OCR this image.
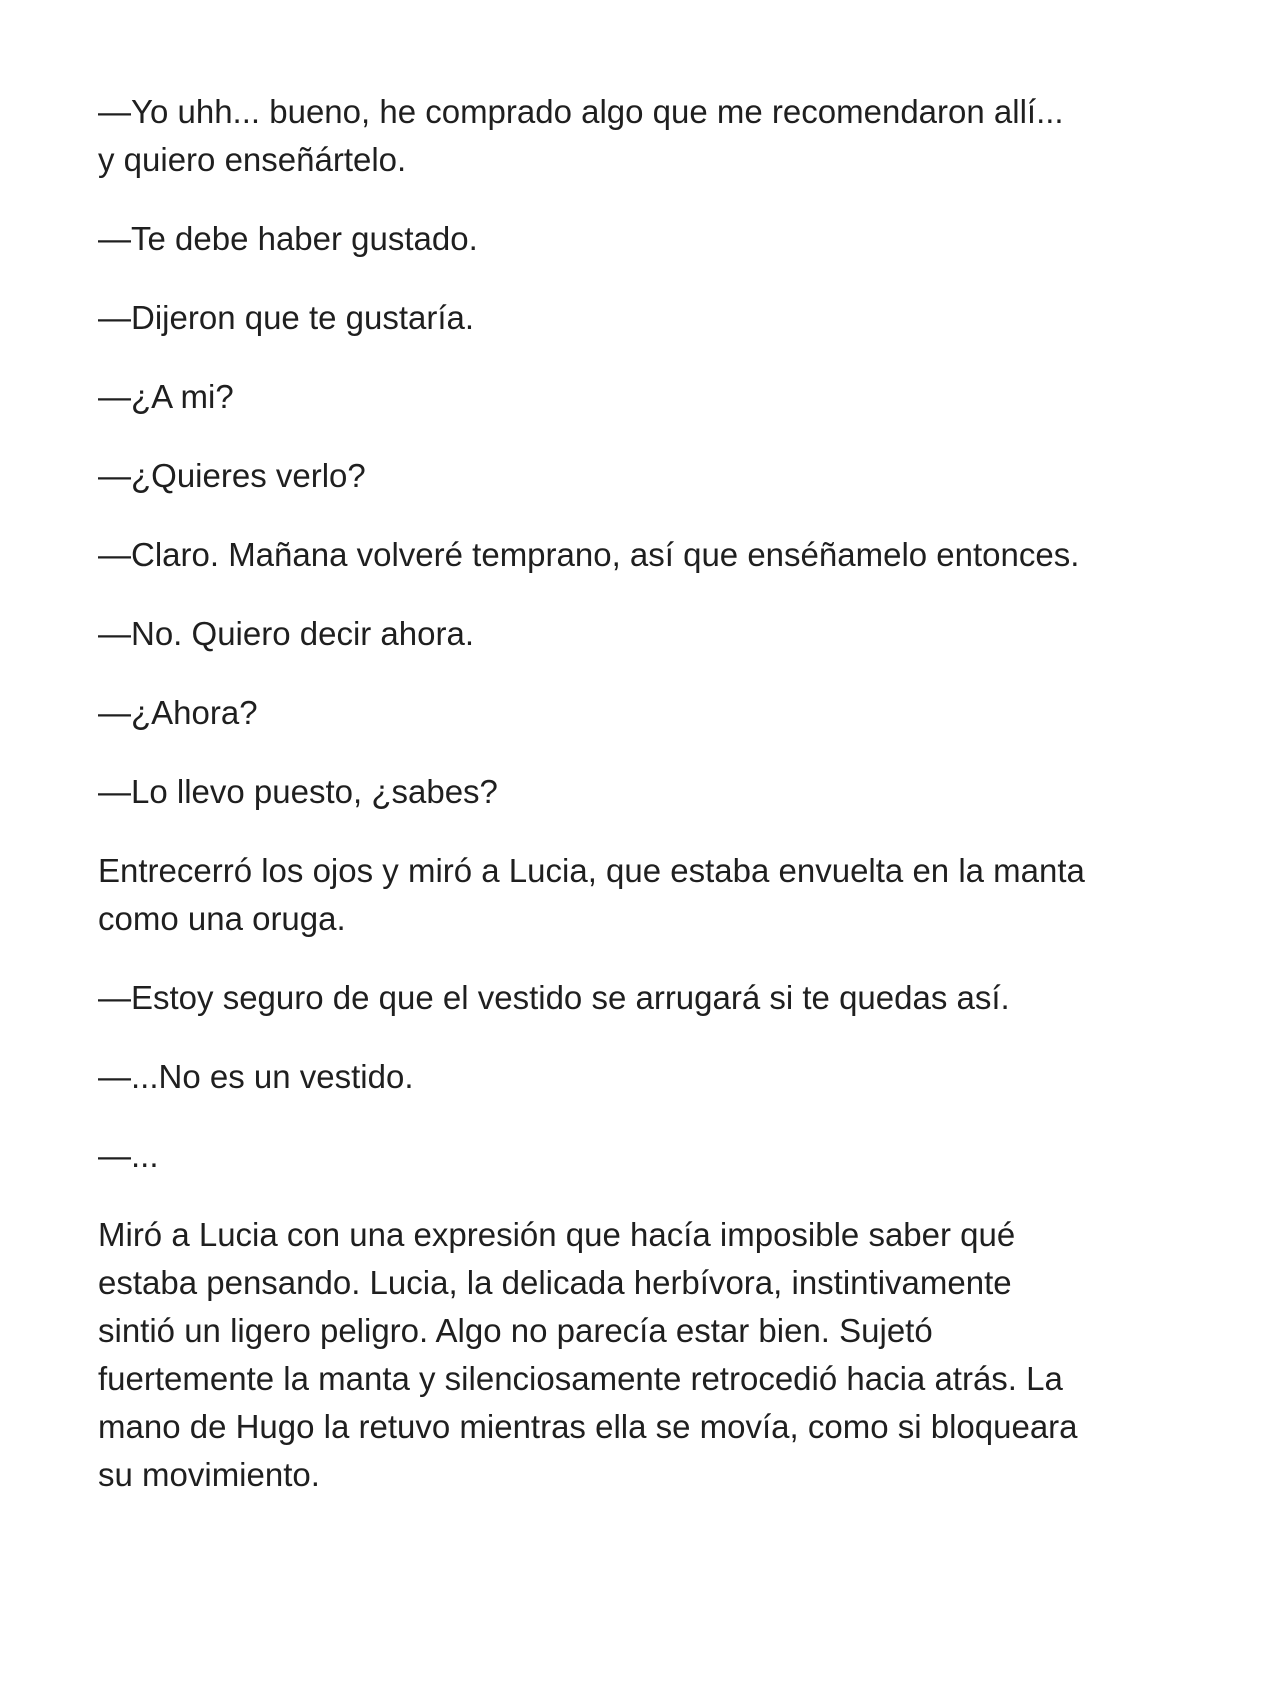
—Yo uhh... bueno, he comprado algo que me recomendaron allí... y quiero enseñártelo.

—Te debe haber gustado.

—Dijeron que te gustaría.

—¿A mi?

—¿Quieres verlo?

—Claro. Mañana volveré temprano, así que enséñamelo entonces.

—No. Quiero decir ahora.

—¿Ahora?

—Lo llevo puesto, ¿sabes?

Entrecerró los ojos y miró a Lucia, que estaba envuelta en la manta como una oruga.

—Estoy seguro de que el vestido se arrugará si te quedas así.

—...No es un vestido.

—...

Miró a Lucia con una expresión que hacía imposible saber qué estaba pensando. Lucia, la delicada herbívora, instintivamente sintió un ligero peligro. Algo no parecía estar bien. Sujetó fuertemente la manta y silenciosamente retrocedió hacia atrás. La mano de Hugo la retuvo mientras ella se movía, como si bloqueara su movimiento.
